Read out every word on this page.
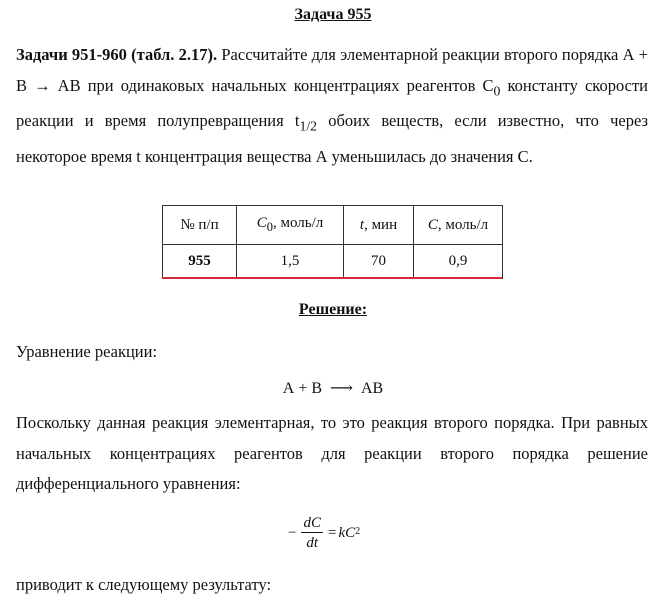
Задача 955

Задачи 951-960 (табл. 2.17). Рассчитайте для элементарной реакции второго порядка А + В → АВ при одинаковых начальных концентрациях реагентов $С_0$ константу скорости реакции и время полупревращения $t_{1/2}$ обоих веществ, если известно, что через некоторое время t концентрация вещества А уменьшилась до значения С.

№ п/п	$C_0$, моль/л	t, мин	C, моль/л
955	1,5	70	0,9
Решение:

Уравнение реакции:

А + В ⟶ АВ

Поскольку данная реакция элементарная, то это реакция второго порядка. При равных начальных концентрациях реагентов для реакции второго порядка решение дифференциального уравнения:

− $\frac{dC}{dt} = kC^2$

приводит к следующему результату:
